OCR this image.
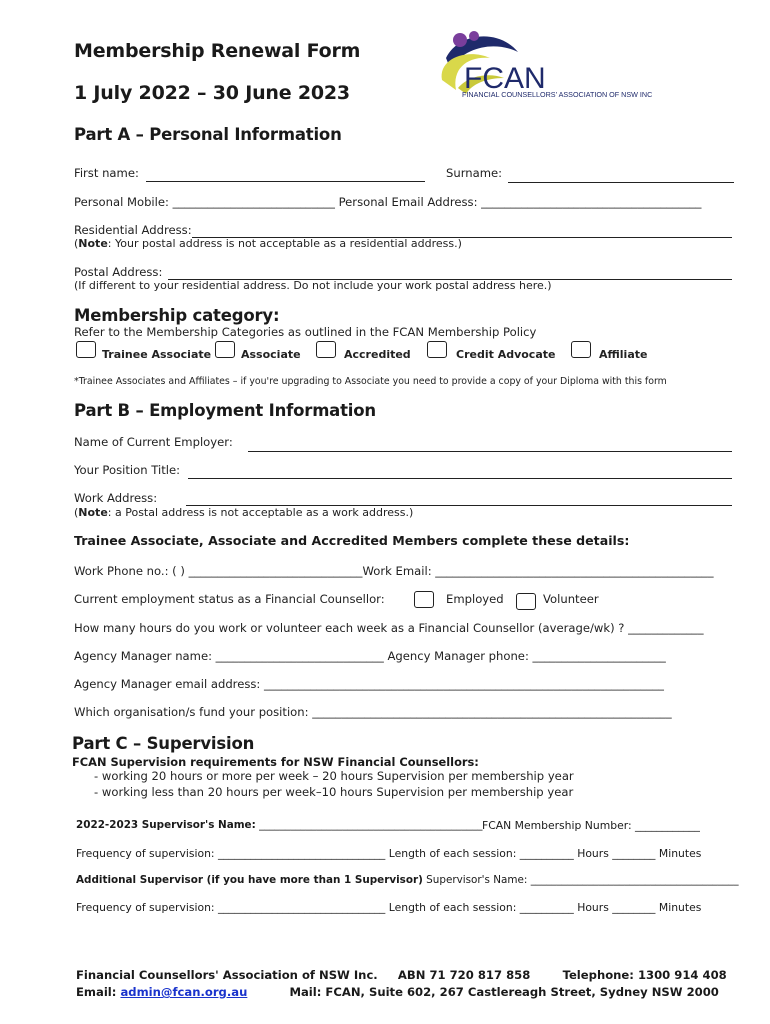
Membership Renewal Form
1 July 2022 – 30 June 2023	FCAN
FINANCIAL COUNSELLORS' ASSOCIATION OF NSW INC
Part A – Personal Information
First name:	Surname:
Personal Mobile: ____________________________ Personal Email Address: ______________________________________
Residential Address:
(Note: Your postal address is not acceptable as a residential address.)
Postal Address:
(If different to your residential address. Do not include your work postal address here.)
Membership category:
Refer to the Membership Categories as outlined in the FCAN Membership Policy
Trainee Associate	Associate	Accredited	Credit Advocate	Affiliate
*Trainee Associates and Affiliates – if you're upgrading to Associate you need to provide a copy of your Diploma with this form
Part B – Employment Information
Name of Current Employer:
Your Position Title:
Work Address:
(Note: a Postal address is not acceptable as a work address.)
Trainee Associate, Associate and Accredited Members complete these details:
Work Phone no.: ( ) ______________________________Work Email: ________________________________________________
Current employment status as a Financial Counsellor:	Employed	Volunteer
How many hours do you work or volunteer each week as a Financial Counsellor (average/wk) ? _____________
Agency Manager name: _____________________________ Agency Manager phone: _______________________
Agency Manager email address: _____________________________________________________________________
Which organisation/s fund your position: ______________________________________________________________
Part C – Supervision
FCAN Supervision requirements for NSW Financial Counsellors:
- working 20 hours or more per week – 20 hours Supervision per membership year
- working less than 20 hours per week–10 hours Supervision per membership year
2022-2023 Supervisor's Name: ___________________________________________ FCAN Membership Number: ____________
Frequency of supervision: _______________________________ Length of each session: __________ Hours ________ Minutes
Additional Supervisor (if you have more than 1 Supervisor) Supervisor's Name: ________________________________________
Frequency of supervision: _______________________________ Length of each session: __________ Hours ________ Minutes
Financial Counsellors' Association of NSW Inc.     ABN 71 720 817 858        Telephone: 1300 914 408
Email: admin@fcan.org.au	Mail: FCAN, Suite 602, 267 Castlereagh Street, Sydney NSW 2000
